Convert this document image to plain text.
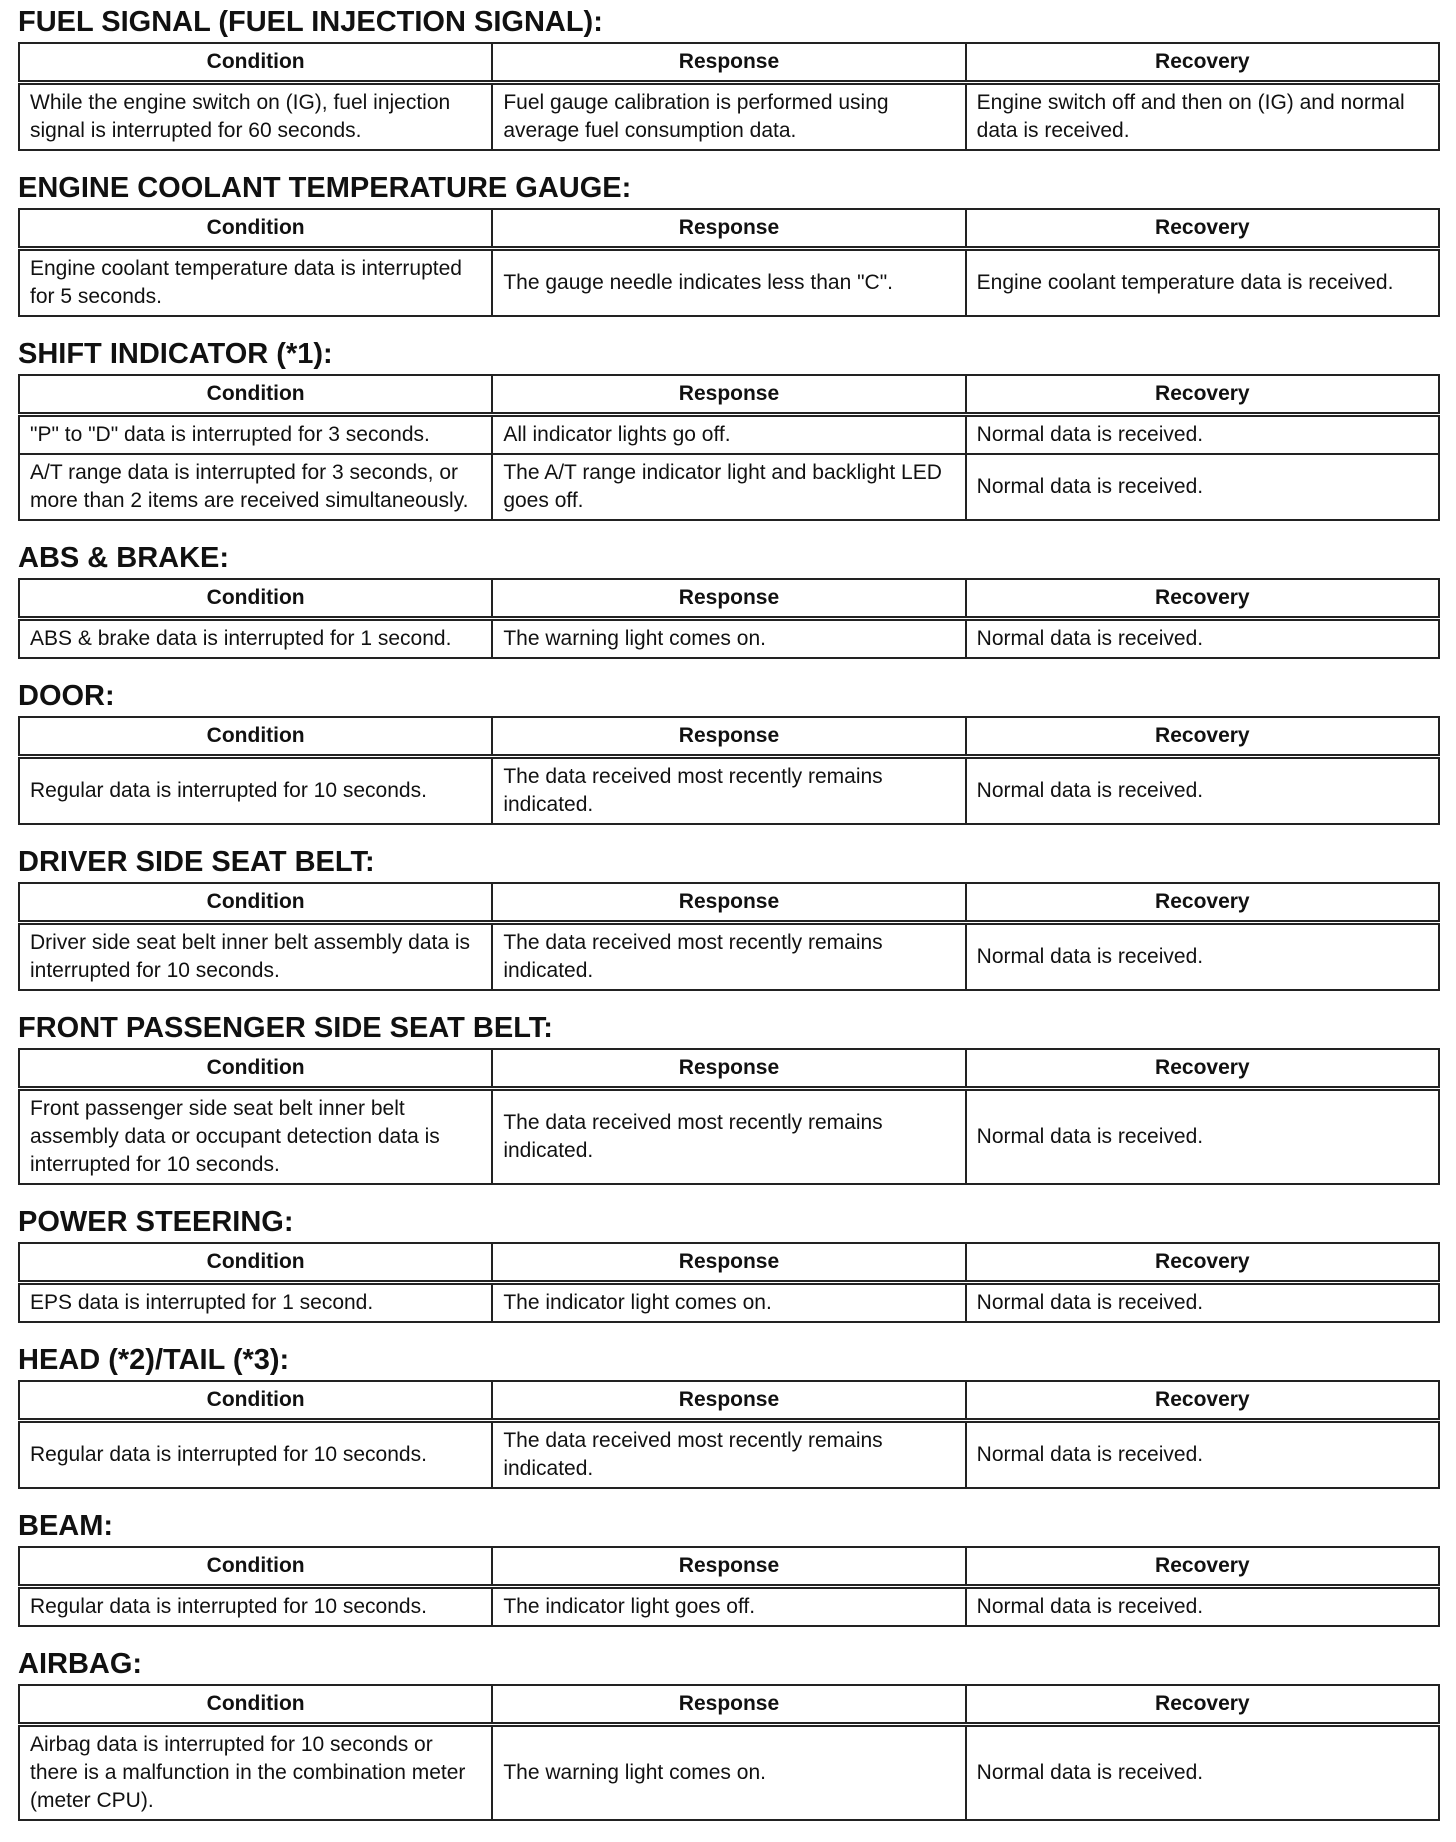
FUEL SIGNAL (FUEL INJECTION SIGNAL):
Condition	Response	Recovery
While the engine switch on (IG), fuel injection signal is interrupted for 60 seconds.	Fuel gauge calibration is performed using average fuel consumption data.	Engine switch off and then on (IG) and normal data is received.
ENGINE COOLANT TEMPERATURE GAUGE:
Condition	Response	Recovery
Engine coolant temperature data is interrupted for 5 seconds.	The gauge needle indicates less than "C".	Engine coolant temperature data is received.
SHIFT INDICATOR (*1):
Condition	Response	Recovery
"P" to "D" data is interrupted for 3 seconds.	All indicator lights go off.	Normal data is received.
A/T range data is interrupted for 3 seconds, or more than 2 items are received simultaneously.	The A/T range indicator light and backlight LED goes off.	Normal data is received.
ABS & BRAKE:
Condition	Response	Recovery
ABS & brake data is interrupted for 1 second.	The warning light comes on.	Normal data is received.
DOOR:
Condition	Response	Recovery
Regular data is interrupted for 10 seconds.	The data received most recently remains indicated.	Normal data is received.
DRIVER SIDE SEAT BELT:
Condition	Response	Recovery
Driver side seat belt inner belt assembly data is interrupted for 10 seconds.	The data received most recently remains indicated.	Normal data is received.
FRONT PASSENGER SIDE SEAT BELT:
Condition	Response	Recovery
Front passenger side seat belt inner belt assembly data or occupant detection data is interrupted for 10 seconds.	The data received most recently remains indicated.	Normal data is received.
POWER STEERING:
Condition	Response	Recovery
EPS data is interrupted for 1 second.	The indicator light comes on.	Normal data is received.
HEAD (*2)/TAIL (*3):
Condition	Response	Recovery
Regular data is interrupted for 10 seconds.	The data received most recently remains indicated.	Normal data is received.
BEAM:
Condition	Response	Recovery
Regular data is interrupted for 10 seconds.	The indicator light goes off.	Normal data is received.
AIRBAG:
Condition	Response	Recovery
Airbag data is interrupted for 10 seconds or there is a malfunction in the combination meter (meter CPU).	The warning light comes on.	Normal data is received.
